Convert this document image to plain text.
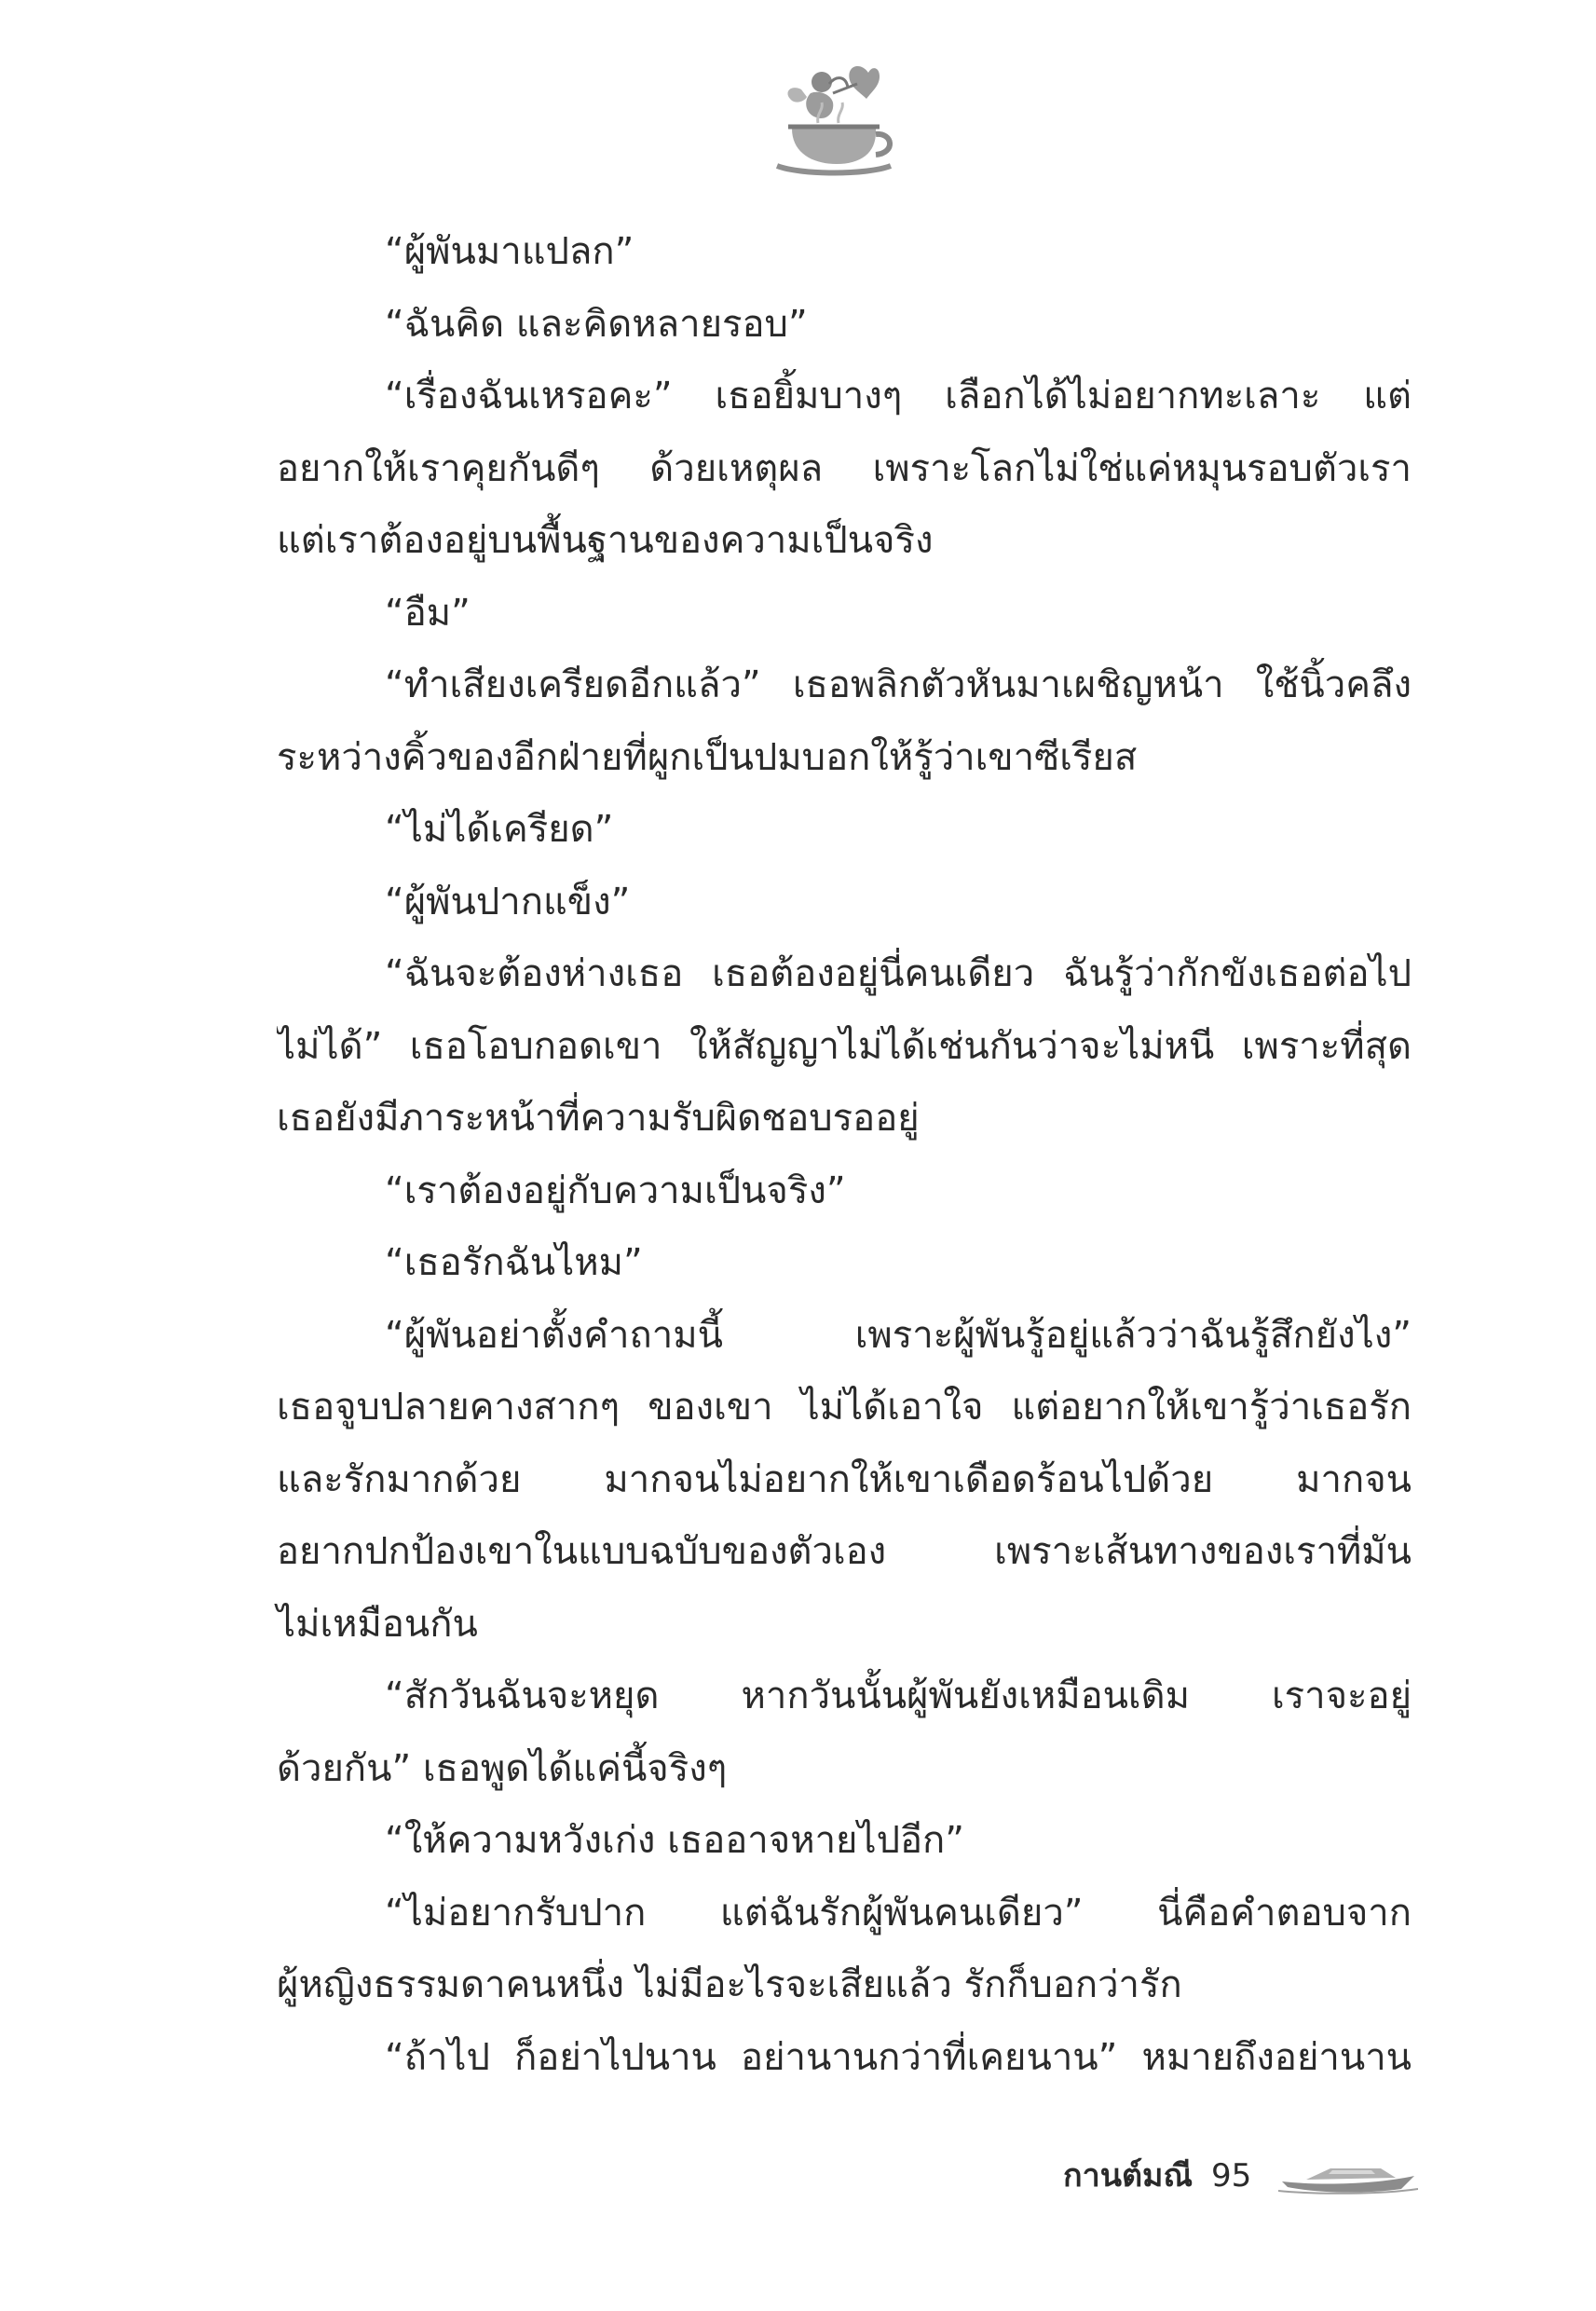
“ผู้พันมาแปลก”
“ฉันคิด และคิดหลายรอบ”
“เรื่องฉันเหรอคะ” เธอยิ้มบางๆ เลือกได้ไม่อยากทะเลาะ แต่
อยากให้เราคุยกันดีๆ ด้วยเหตุผล เพราะโลกไม่ใช่แค่หมุนรอบตัวเรา
แต่เราต้องอยู่บนพื้นฐานของความเป็นจริง
“อืม”
“ทำเสียงเครียดอีกแล้ว” เธอพลิกตัวหันมาเผชิญหน้า ใช้นิ้วคลึง
ระหว่างคิ้วของอีกฝ่ายที่ผูกเป็นปมบอกให้รู้ว่าเขาซีเรียส
“ไม่ได้เครียด”
“ผู้พันปากแข็ง”
“ฉันจะต้องห่างเธอ เธอต้องอยู่นี่คนเดียว ฉันรู้ว่ากักขังเธอต่อไป
ไม่ได้” เธอโอบกอดเขา ให้สัญญาไม่ได้เช่นกันว่าจะไม่หนี เพราะที่สุด
เธอยังมีภาระหน้าที่ความรับผิดชอบรออยู่
“เราต้องอยู่กับความเป็นจริง”
“เธอรักฉันไหม”
“ผู้พันอย่าตั้งคำถามนี้ เพราะผู้พันรู้อยู่แล้วว่าฉันรู้สึกยังไง”
เธอจูบปลายคางสากๆ ของเขา ไม่ได้เอาใจ แต่อยากให้เขารู้ว่าเธอรัก
และรักมากด้วย มากจนไม่อยากให้เขาเดือดร้อนไปด้วย มากจน
อยากปกป้องเขาในแบบฉบับของตัวเอง เพราะเส้นทางของเราที่มัน
ไม่เหมือนกัน
“สักวันฉันจะหยุด หากวันนั้นผู้พันยังเหมือนเดิม เราจะอยู่
ด้วยกัน” เธอพูดได้แค่นี้จริงๆ
“ให้ความหวังเก่ง เธออาจหายไปอีก”
“ไม่อยากรับปาก แต่ฉันรักผู้พันคนเดียว” นี่คือคำตอบจาก
ผู้หญิงธรรมดาคนหนึ่ง ไม่มีอะไรจะเสียแล้ว รักก็บอกว่ารัก
“ถ้าไป ก็อย่าไปนาน อย่านานกว่าที่เคยนาน” หมายถึงอย่านาน
กานต์มณี 95
